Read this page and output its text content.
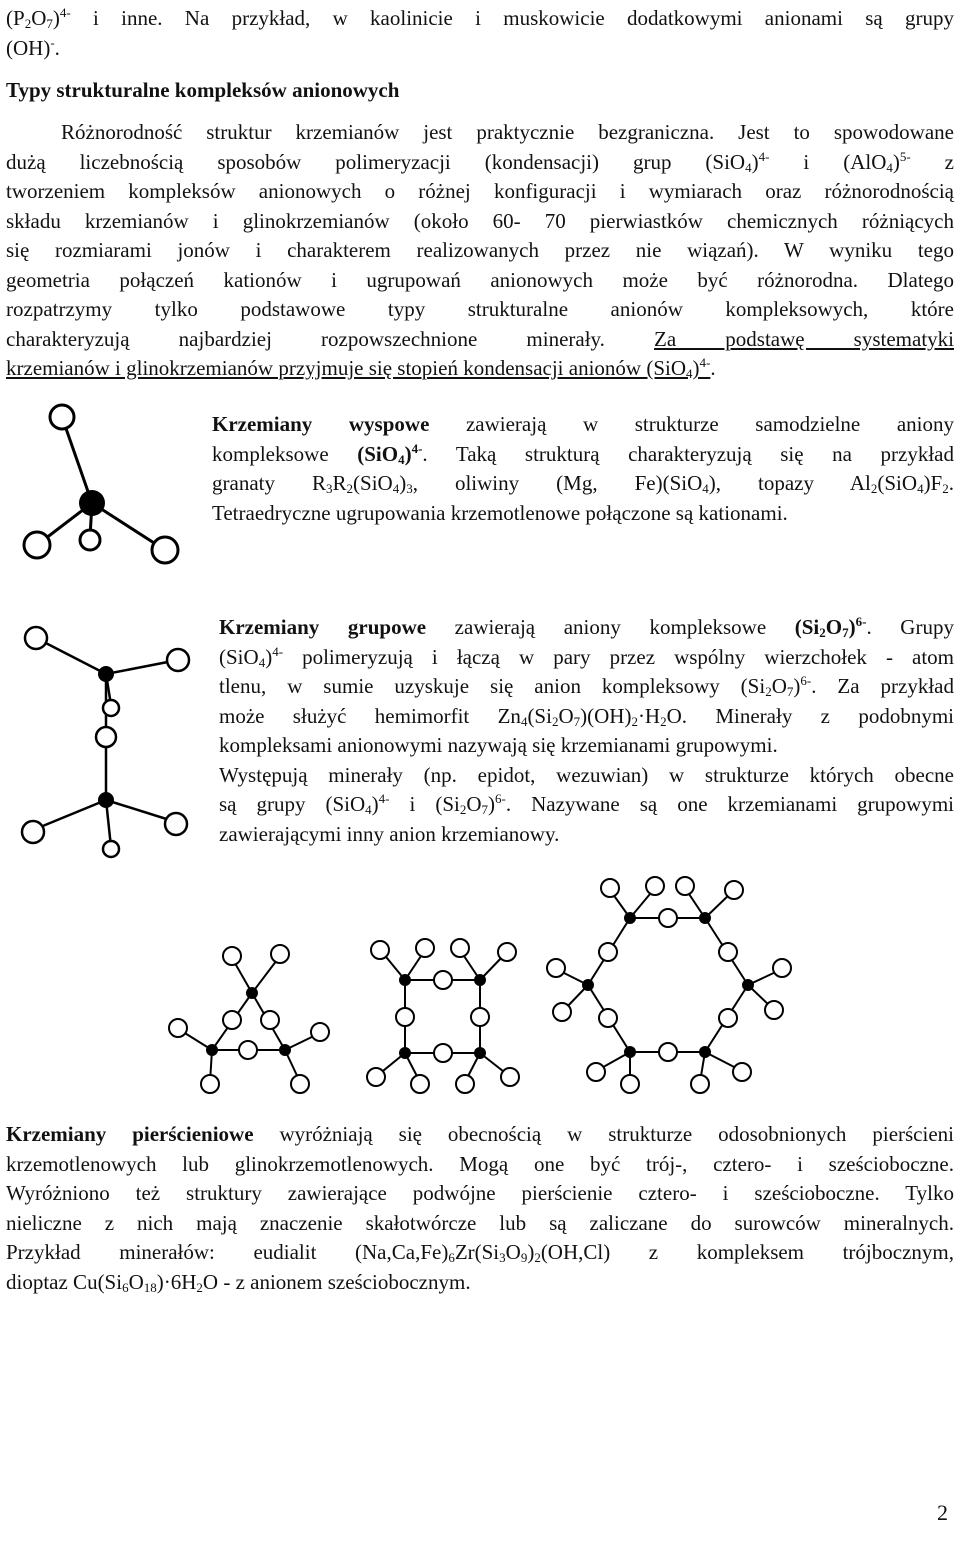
$(P_2O_7)^{4-}$ i inne. Na przykład, w kaolinicie i muskowicie dodatkowymi anionami są grupy
(OH)-.
Typy strukturalne kompleksów anionowych
Różnorodność struktur krzemianów jest praktycznie bezgraniczna. Jest to spowodowane
dużą liczebnością sposobów polimeryzacji (kondensacji) grup $(SiO_4)^{4-}$ i $(AlO_4)^{5-}$ z
tworzeniem kompleksów anionowych o różnej konfiguracji i wymiarach oraz różnorodnością
składu krzemianów i glinokrzemianów (około 60- 70 pierwiastków chemicznych różniących
się rozmiarami jonów i charakterem realizowanych przez nie wiązań). W wyniku tego
geometria połączeń kationów i ugrupowań anionowych może być różnorodna. Dlatego
rozpatrzymy tylko podstawowe typy strukturalne anionów kompleksowych, które
charakteryzują najbardziej rozpowszechnione minerały. Za podstawę systematyki
krzemianów i glinokrzemianów przyjmuje się stopień kondensacji anionów $(SiO_4)^{4-}$.
Krzemiany wyspowe zawierają w strukturze samodzielne aniony
kompleksowe $(SiO_4)^{4-}$. Taką strukturą charakteryzują się na przykład
granaty $R_3R_2(SiO_4)_3$, oliwiny (Mg, Fe)(SiO$_4$), topazy $Al_2(SiO_4)F_2$.
Tetraedryczne ugrupowania krzemotlenowe połączone są kationami.
Krzemiany grupowe zawierają aniony kompleksowe $(Si_2O_7)^{6-}$. Grupy
$(SiO_4)^{4-}$ polimeryzują i łączą w pary przez wspólny wierzchołek - atom
tlenu, w sumie uzyskuje się anion kompleksowy $(Si_2O_7)^{6-}$. Za przykład
może służyć hemimorfit $Zn_4(Si_2O_7)(OH)_2\cdot H_2O$. Minerały z podobnymi
kompleksami anionowymi nazywają się krzemianami grupowymi.
Występują minerały (np. epidot, wezuwian) w strukturze których obecne
są grupy $(SiO_4)^{4-}$ i $(Si_2O_7)^{6-}$. Nazywane są one krzemianami grupowymi
zawierającymi inny anion krzemianowy.
Krzemiany pierścieniowe wyróżniają się obecnością w strukturze odosobnionych pierścieni
krzemotlenowych lub glinokrzemotlenowych. Mogą one być trój-, cztero- i sześcioboczne.
Wyróżniono też struktury zawierające podwójne pierścienie cztero- i sześcioboczne. Tylko
nieliczne z nich mają znaczenie skałotwórcze lub są zaliczane do surowców mineralnych.
Przykład minerałów: eudialit $(Na,Ca,Fe)_6Zr(Si_3O_9)_2(OH,Cl)$ z kompleksem trójbocznym,
dioptaz $Cu(Si_6O_{18})\cdot 6H_2O - z$ anionem sześciobocznym.
2
